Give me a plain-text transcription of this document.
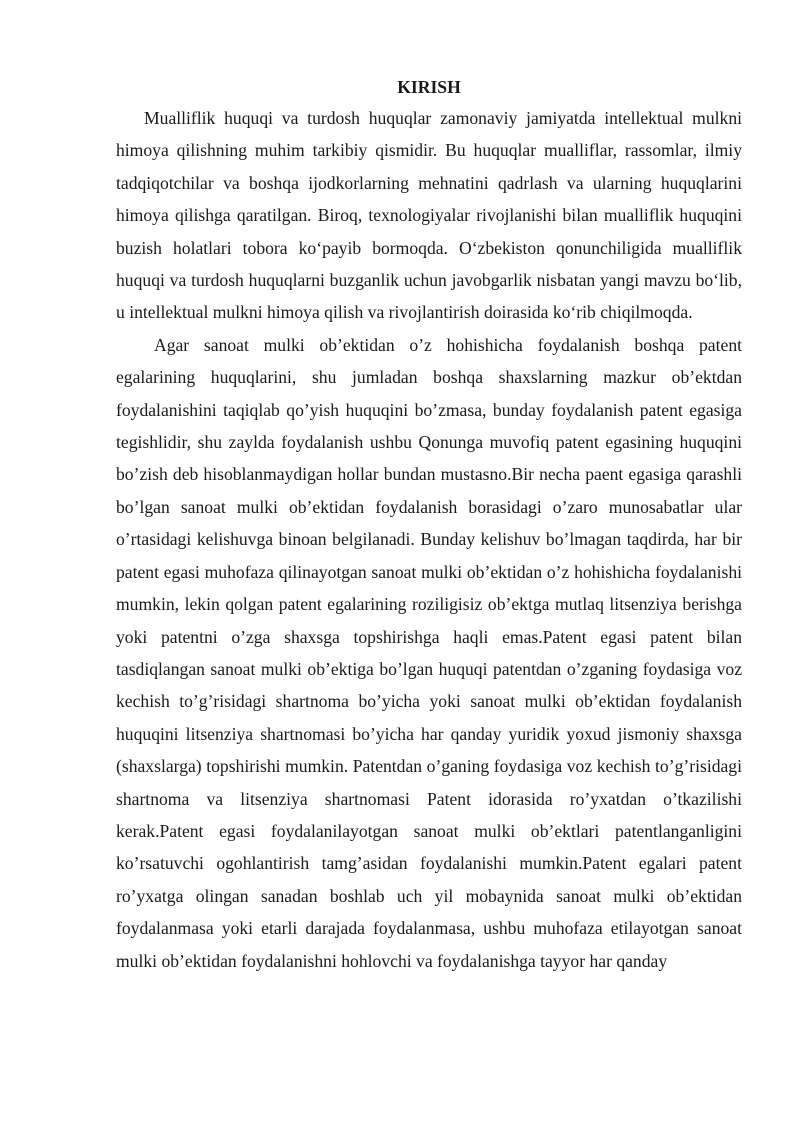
KIRISH

Mualliflik huquqi va turdosh huquqlar zamonaviy jamiyatda intellektual mulkni himoya qilishning muhim tarkibiy qismidir. Bu huquqlar mualliflar, rassomlar, ilmiy tadqiqotchilar va boshqa ijodkorlarning mehnatini qadrlash va ularning huquqlarini himoya qilishga qaratilgan. Biroq, texnologiyalar rivojlanishi bilan mualliflik huquqini buzish holatlari tobora koʻpayib bormoqda. Oʻzbekiston qonunchiligida mualliflik huquqi va turdosh huquqlarni buzganlik uchun javobgarlik nisbatan yangi mavzu boʻlib, u intellektual mulkni himoya qilish va rivojlantirish doirasida koʻrib chiqilmoqda.

Agar sanoat mulki ob’ektidan o’z hohishicha foydalanish boshqa patent egalarining huquqlarini, shu jumladan boshqa shaxslarning mazkur ob’ektdan foydalanishini taqiqlab qo’yish huquqini bo’zmasa, bunday foydalanish patent egasiga tegishlidir, shu zaylda foydalanish ushbu Qonunga muvofiq patent egasining huquqini bo’zish deb hisoblanmaydigan hollar bundan mustasno.Bir necha paent egasiga qarashli bo’lgan sanoat mulki ob’ektidan foydalanish borasidagi o’zaro munosabatlar ular o’rtasidagi kelishuvga binoan belgilanadi. Bunday kelishuv bo’lmagan taqdirda, har bir patent egasi muhofaza qilinayotgan sanoat mulki ob’ektidan o’z hohishicha foydalanishi mumkin, lekin qolgan patent egalarining roziligisiz ob’ektga mutlaq litsenziya berishga yoki patentni o’zga shaxsga topshirishga haqli emas.Patent egasi patent bilan tasdiqlangan sanoat mulki ob’ektiga bo’lgan huquqi patentdan o’zganing foydasiga voz kechish to’g’risidagi shartnoma bo’yicha yoki sanoat mulki ob’ektidan foydalanish huquqini litsenziya shartnomasi bo’yicha har qanday yuridik yoxud jismoniy shaxsga (shaxslarga) topshirishi mumkin. Patentdan o’ganing foydasiga voz kechish to’g’risidagi shartnoma va litsenziya shartnomasi Patent idorasida ro’yxatdan o’tkazilishi kerak.Patent egasi foydalanilayotgan sanoat mulki ob’ektlari patentlanganligini ko’rsatuvchi ogohlantirish tamg’asidan foydalanishi mumkin.Patent egalari patent ro’yxatga olingan sanadan boshlab uch yil mobaynida sanoat mulki ob’ektidan foydalanmasa yoki etarli darajada foydalanmasa, ushbu muhofaza etilayotgan sanoat mulki ob’ektidan foydalanishni hohlovchi va foydalanishga tayyor har qanday
